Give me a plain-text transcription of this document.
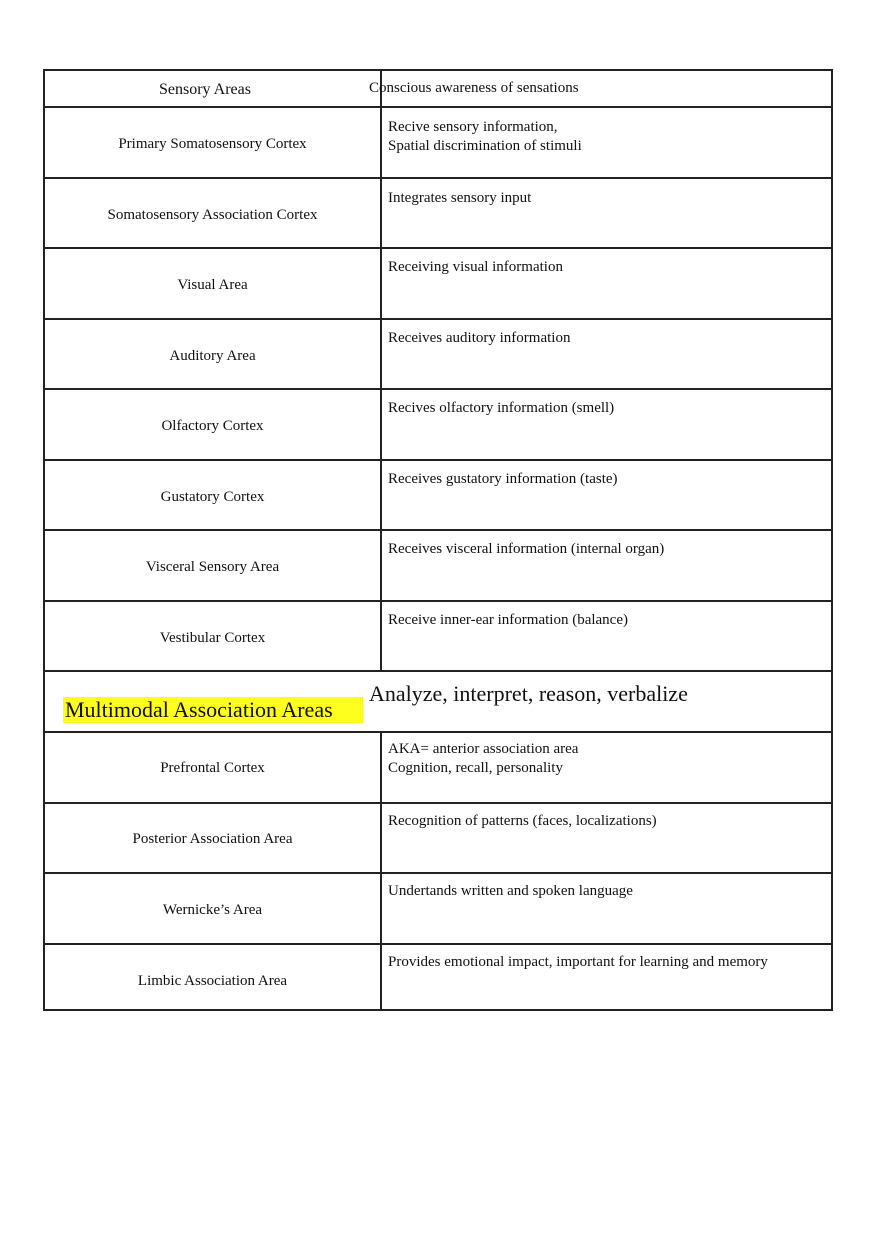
Sensory Areas	Conscious awareness of sensations
Primary Somatosensory Cortex
Recive sensory information,
Spatial discrimination of stimuli
Somatosensory Association Cortex
Integrates sensory input
Visual Area
Receiving visual information
Auditory Area
Receives auditory information
Olfactory Cortex
Recives olfactory information (smell)
Gustatory Cortex
Receives gustatory information (taste)
Visceral Sensory Area
Receives visceral information (internal organ)
Vestibular Cortex
Receive inner-ear information (balance)
Multimodal Association Areas
Analyze, interpret, reason, verbalize
Prefrontal Cortex
AKA= anterior association area
Cognition, recall, personality
Posterior Association Area
Recognition of patterns (faces, localizations)
Wernicke’s Area
Undertands written and spoken language
Limbic Association Area
Provides emotional impact, important for learning and memory
